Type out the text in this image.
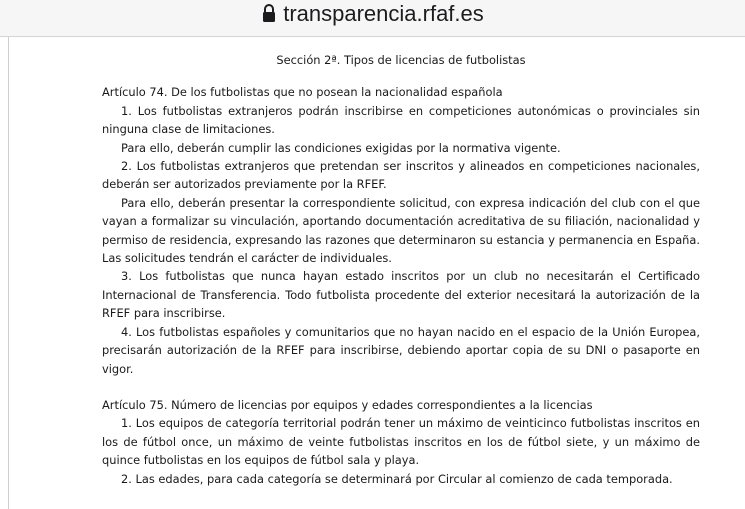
transparencia.rfaf.es
Sección 2ª. Tipos de licencias de futbolistas
Artículo 74. De los futbolistas que no posean la nacionalidad española

1. Los futbolistas extranjeros podrán inscribirse en competiciones autonómicas o provinciales sin ninguna clase de limitaciones.

Para ello, deberán cumplir las condiciones exigidas por la normativa vigente.

2. Los futbolistas extranjeros que pretendan ser inscritos y alineados en competiciones nacionales, deberán ser autorizados previamente por la RFEF.

Para ello, deberán presentar la correspondiente solicitud, con expresa indicación del club con el que vayan a formalizar su vinculación, aportando documentación acreditativa de su filiación, nacionalidad y permiso de residencia, expresando las razones que determinaron su estancia y permanencia en España. Las solicitudes tendrán el carácter de individuales.

3. Los futbolistas que nunca hayan estado inscritos por un club no necesitarán el Certificado Internacional de Transferencia. Todo futbolista procedente del exterior necesitará la autorización de la RFEF para inscribirse.

4. Los futbolistas españoles y comunitarios que no hayan nacido en el espacio de la Unión Europea, precisarán autorización de la RFEF para inscribirse, debiendo aportar copia de su DNI o pasaporte en vigor.

Artículo 75. Número de licencias por equipos y edades correspondientes a la licencias

1. Los equipos de categoría territorial podrán tener un máximo de veinticinco futbolistas inscritos en los de fútbol once, un máximo de veinte futbolistas inscritos en los de fútbol siete, y un máximo de quince futbolistas en los equipos de fútbol sala y playa.

2. Las edades, para cada categoría se determinará por Circular al comienzo de cada temporada.
